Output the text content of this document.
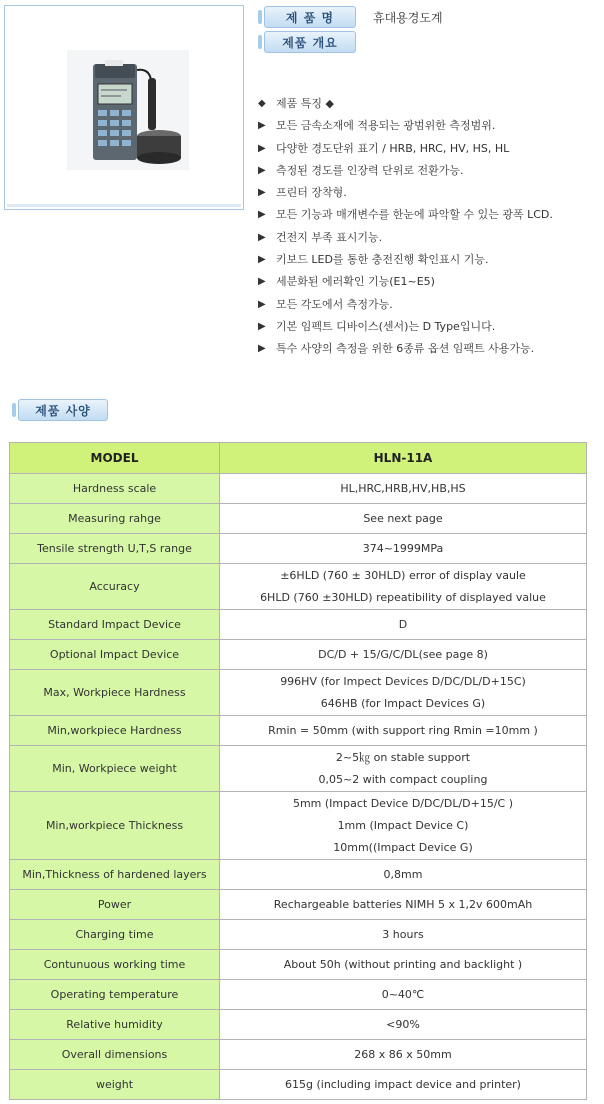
제 품 명	휴대용경도계
제품 개요
◆ 제품 특징 ◆
▶ 모든 금속소재에 적용되는 광범위한 측정범위.
▶ 다양한 경도단위 표기 / HRB, HRC, HV, HS, HL
▶ 측정된 경도를 인장력 단위로 전환가능.
▶ 프린터 장착형.
▶ 모든 기능과 매개변수를 한눈에 파악할 수 있는 광폭 LCD.
▶ 건전지 부족 표시기능.
▶ 키보드 LED를 통한 충전진행 확인표시 기능.
▶ 세분화된 에러확인 기능(E1~E5)
▶ 모든 각도에서 측정가능.
▶ 기본 임펙트 디바이스(센서)는 D Type입니다.
▶ 특수 사양의 측정을 위한 6종류 옵션 임팩트 사용가능.
제품 사양
MODEL	HLN-11A
Hardness scale	HL,HRC,HRB,HV,HB,HS

Measuring rahge	See next page

Tensile strength U,T,S range	374~1999MPa

Accuracy	±6HLD (760 ± 30HLD) error of display vaule
6HLD (760 ±30HLD) repeatibility of displayed value

Standard Impact Device	D

Optional Impact Device	DC/D + 15/G/C/DL(see page 8)

Max, Workpiece Hardness	996HV (for Impect Devices D/DC/DL/D+15C)
646HB (for Impact Devices G)

Min,workpiece Hardness	Rmin = 50mm (with support ring Rmin =10mm )

Min, Workpiece weight	2~5㎏ on stable support
0,05~2 with compact coupling

Min,workpiece Thickness	5mm (Impact Device D/DC/DL/D+15/C )
1mm (Impact Device C)
10mm((Impact Device G)

Min,Thickness of hardened layers	0,8mm

Power	Rechargeable batteries NIMH 5 x 1,2v 600mAh

Charging time	3 hours

Contunuous working time	About 50h (without printing and backlight )

Operating temperature	0~40℃

Relative humidity	<90%

Overall dimensions	268 x 86 x 50mm

weight	615g (including impact device and printer)
